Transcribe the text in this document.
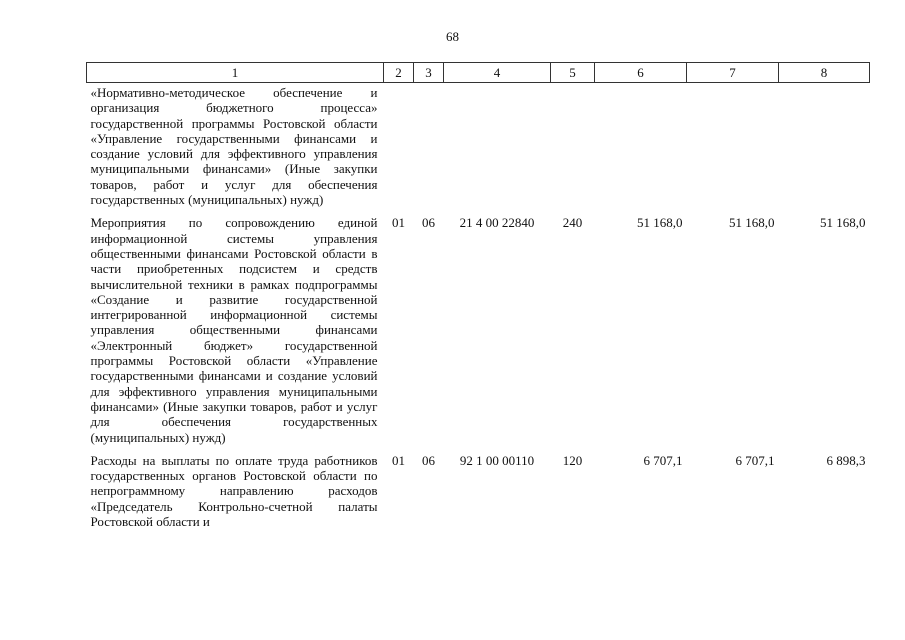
68
1	2	3	4	5	6	7	8
«Нормативно-методическое обеспечение и организация бюджетного процесса» государственной программы Ростовской области «Управление государственными финансами и создание условий для эффективного управления муниципальными финансами» (Иные закупки товаров, работ и услуг для обеспечения государственных (муниципальных) нужд)							
Мероприятия по сопровождению единой информационной системы управления общественными финансами Ростовской области в части приобретенных подсистем и средств вычислительной техники в рамках подпрограммы «Создание и развитие государственной интегрированной информационной системы управления общественными финансами «Электронный бюджет» государственной программы Ростовской области «Управление государственными финансами и создание условий для эффективного управления муниципальными финансами» (Иные закупки товаров, работ и услуг для обеспечения государственных (муниципальных) нужд)	01	06	21 4 00 22840	240	51 168,0	51 168,0	51 168,0
Расходы на выплаты по оплате труда работников государственных органов Ростовской области по непрограммному направлению расходов «Председатель Контрольно-счетной палаты Ростовской области и	01	06	92 1 00 00110	120	6 707,1	6 707,1	6 898,3
